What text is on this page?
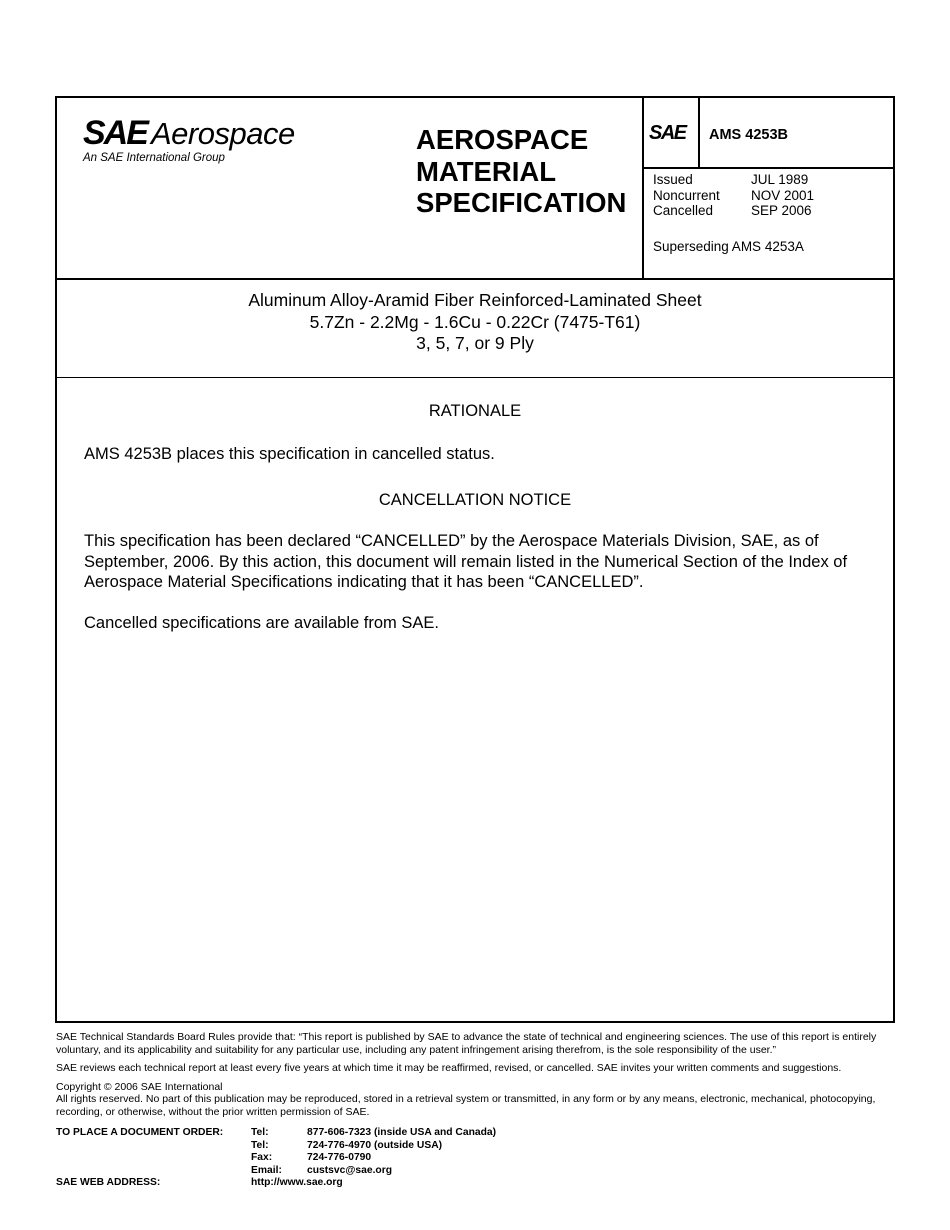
SAE Aerospace
An SAE International Group
AEROSPACE
MATERIAL
SPECIFICATION
SAE AMS 4253B
Issued	JUL 1989
Noncurrent	NOV 2001
Cancelled	SEP 2006
Superseding AMS 4253A
Aluminum Alloy-Aramid Fiber Reinforced-Laminated Sheet
5.7Zn - 2.2Mg - 1.6Cu - 0.22Cr (7475-T61)
3, 5, 7, or 9 Ply
RATIONALE
AMS 4253B places this specification in cancelled status.
CANCELLATION NOTICE
This specification has been declared “CANCELLED” by the Aerospace Materials Division, SAE, as of September, 2006. By this action, this document will remain listed in the Numerical Section of the Index of Aerospace Material Specifications indicating that it has been “CANCELLED”.
Cancelled specifications are available from SAE.
SAE Technical Standards Board Rules provide that: “This report is published by SAE to advance the state of technical and engineering sciences. The use of this report is entirely voluntary, and its applicability and suitability for any particular use, including any patent infringement arising therefrom, is the sole responsibility of the user.”
SAE reviews each technical report at least every five years at which time it may be reaffirmed, revised, or cancelled. SAE invites your written comments and suggestions.
Copyright © 2006 SAE International
All rights reserved. No part of this publication may be reproduced, stored in a retrieval system or transmitted, in any form or by any means, electronic, mechanical, photocopying, recording, or otherwise, without the prior written permission of SAE.
TO PLACE A DOCUMENT ORDER:	Tel:	877-606-7323 (inside USA and Canada)
Tel:	724-776-4970 (outside USA)
Fax:	724-776-0790
Email: custsvc@sae.org
SAE WEB ADDRESS:	http://www.sae.org
